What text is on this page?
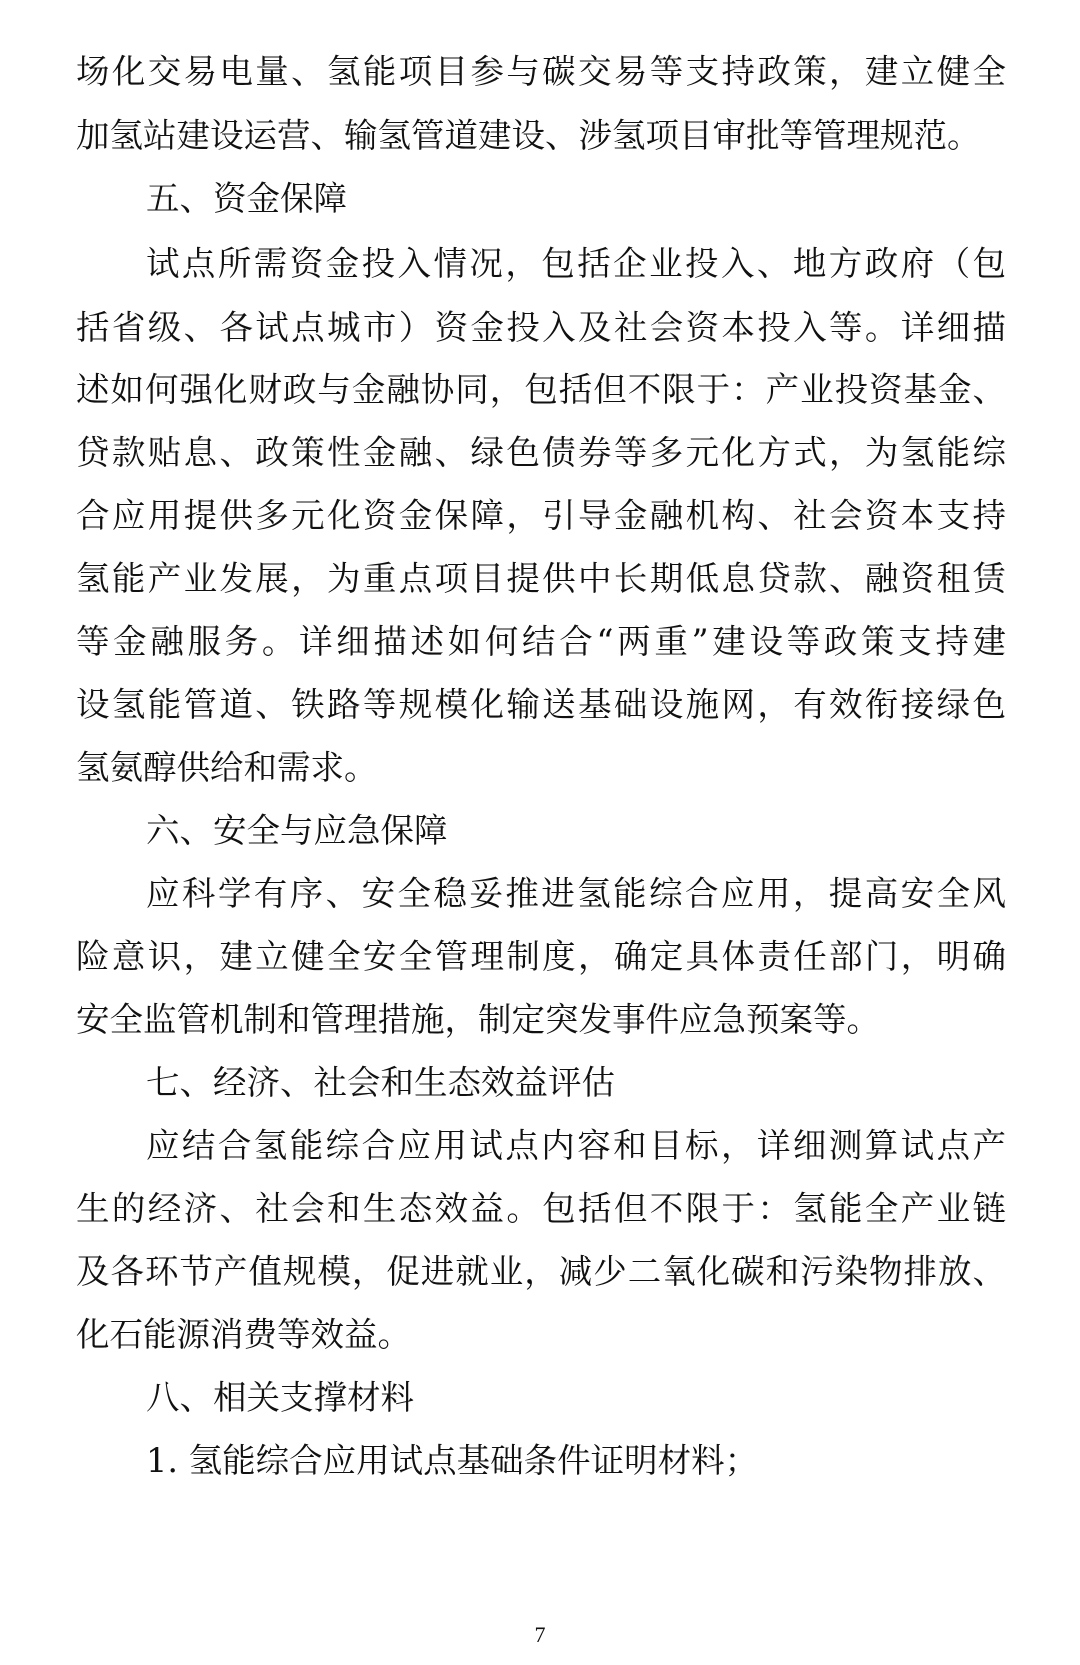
场化交易电量、氢能项目参与碳交易等支持政策，建立健全
加氢站建设运营、输氢管道建设、涉氢项目审批等管理规范。
五、资金保障
试点所需资金投入情况，包括企业投入、地方政府（包
括省级、各试点城市）资金投入及社会资本投入等。详细描
述如何强化财政与金融协同，包括但不限于：产业投资基金、
贷款贴息、政策性金融、绿色债券等多元化方式，为氢能综
合应用提供多元化资金保障，引导金融机构、社会资本支持
氢能产业发展，为重点项目提供中长期低息贷款、融资租赁
等金融服务。详细描述如何结合“两重”建设等政策支持建
设氢能管道、铁路等规模化输送基础设施网，有效衔接绿色
氢氨醇供给和需求。
六、安全与应急保障
应科学有序、安全稳妥推进氢能综合应用，提高安全风
险意识，建立健全安全管理制度，确定具体责任部门，明确
安全监管机制和管理措施，制定突发事件应急预案等。
七、经济、社会和生态效益评估
应结合氢能综合应用试点内容和目标，详细测算试点产
生的经济、社会和生态效益。包括但不限于：氢能全产业链
及各环节产值规模，促进就业，减少二氧化碳和污染物排放、
化石能源消费等效益。
八、相关支撑材料
1. 氢能综合应用试点基础条件证明材料；
7
